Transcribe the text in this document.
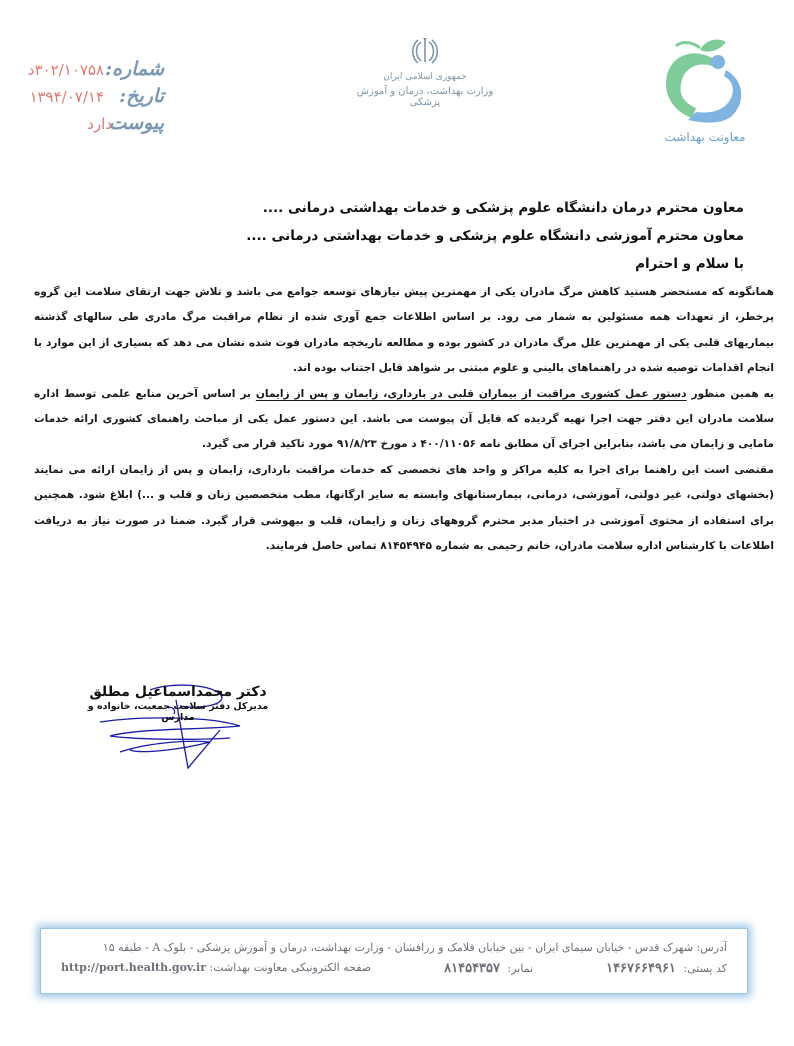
شماره:
۳۰۲/۱۰۷۵۸د
تاریخ:
۱۳۹۴/۰۷/۱۴
پیوست
دارد
جمهوری اسلامی ایران
وزارت بهداشت، درمان و آموزش پزشکی
معاونت بهداشت
معاون محترم درمان دانشگاه علوم پزشکی و خدمات بهداشتی درمانی ....
معاون محترم آموزشی دانشگاه علوم پزشکی و خدمات بهداشتی درمانی ....
با سلام و احترام

همانگونه که مستحضر هستید کاهش مرگ مادران یکی از مهمترین پیش نیازهای توسعه جوامع می باشد و تلاش جهت ارتقای سلامت این گروه پرخطر، از تعهدات همه مسئولین به شمار می رود. بر اساس اطلاعات جمع آوری شده از نظام مراقبت مرگ مادری طی سالهای گذشته بیماریهای قلبی یکی از مهمترین علل مرگ مادران در کشور بوده و مطالعه تاریخچه مادران فوت شده نشان می دهد که بسیاری از این موارد با انجام اقدامات توصیه شده در راهنماهای بالینی و علوم مبتنی بر شواهد قابل اجتناب بوده اند.

به همین منظور دستور عمل کشوری مراقبت از بیماران قلبی در بارداری، زایمان و پس از زایمان بر اساس آخرین منابع علمی توسط اداره سلامت مادران این دفتر جهت اجرا تهیه گردیده که فایل آن پیوست می باشد. این دستور عمل یکی از مباحث راهنمای کشوری ارائه خدمات مامایی و زایمان می باشد، بنابراین اجرای آن مطابق نامه ۴۰۰/۱۱۰۵۶ د مورخ ۹۱/۸/۲۳ مورد تاکید قرار می گیرد.

مقتضی است این راهنما برای اجرا به کلیه مراکز و واحد های تخصصی که خدمات مراقبت بارداری، زایمان و پس از زایمان ارائه می نمایند (بخشهای دولتی، غیر دولتی، آموزشی، درمانی، بیمارستانهای وابسته به سایر ارگانها، مطب متخصصین زنان و قلب و ...) ابلاغ شود. همچنین برای استفاده از محتوی آموزشی در اختیار مدیر محترم گروههای زنان و زایمان، قلب و بیهوشی قرار گیرد. ضمنا در صورت نیاز به دریافت اطلاعات با کارشناس اداره سلامت مادران، خانم رحیمی به شماره ۸۱۴۵۴۹۴۵ تماس حاصل فرمایند.

دکتر محمداسماعیل مطلق
مدیرکل دفتر سلامت جمعیت، خانواده و مدارس
آدرس: شهرک قدس - خیابان سیمای ایران - بین خیابان فلامک و زرافشان - وزارت بهداشت، درمان و آموزش پزشکی - بلوک A - طبقه ۱۵
کد پستی: ۱۴۶۷۶۶۴۹۶۱
نمابر: ۸۱۴۵۴۳۵۷
صفحه الکترونیکی معاونت بهداشت: http://port.health.gov.ir
